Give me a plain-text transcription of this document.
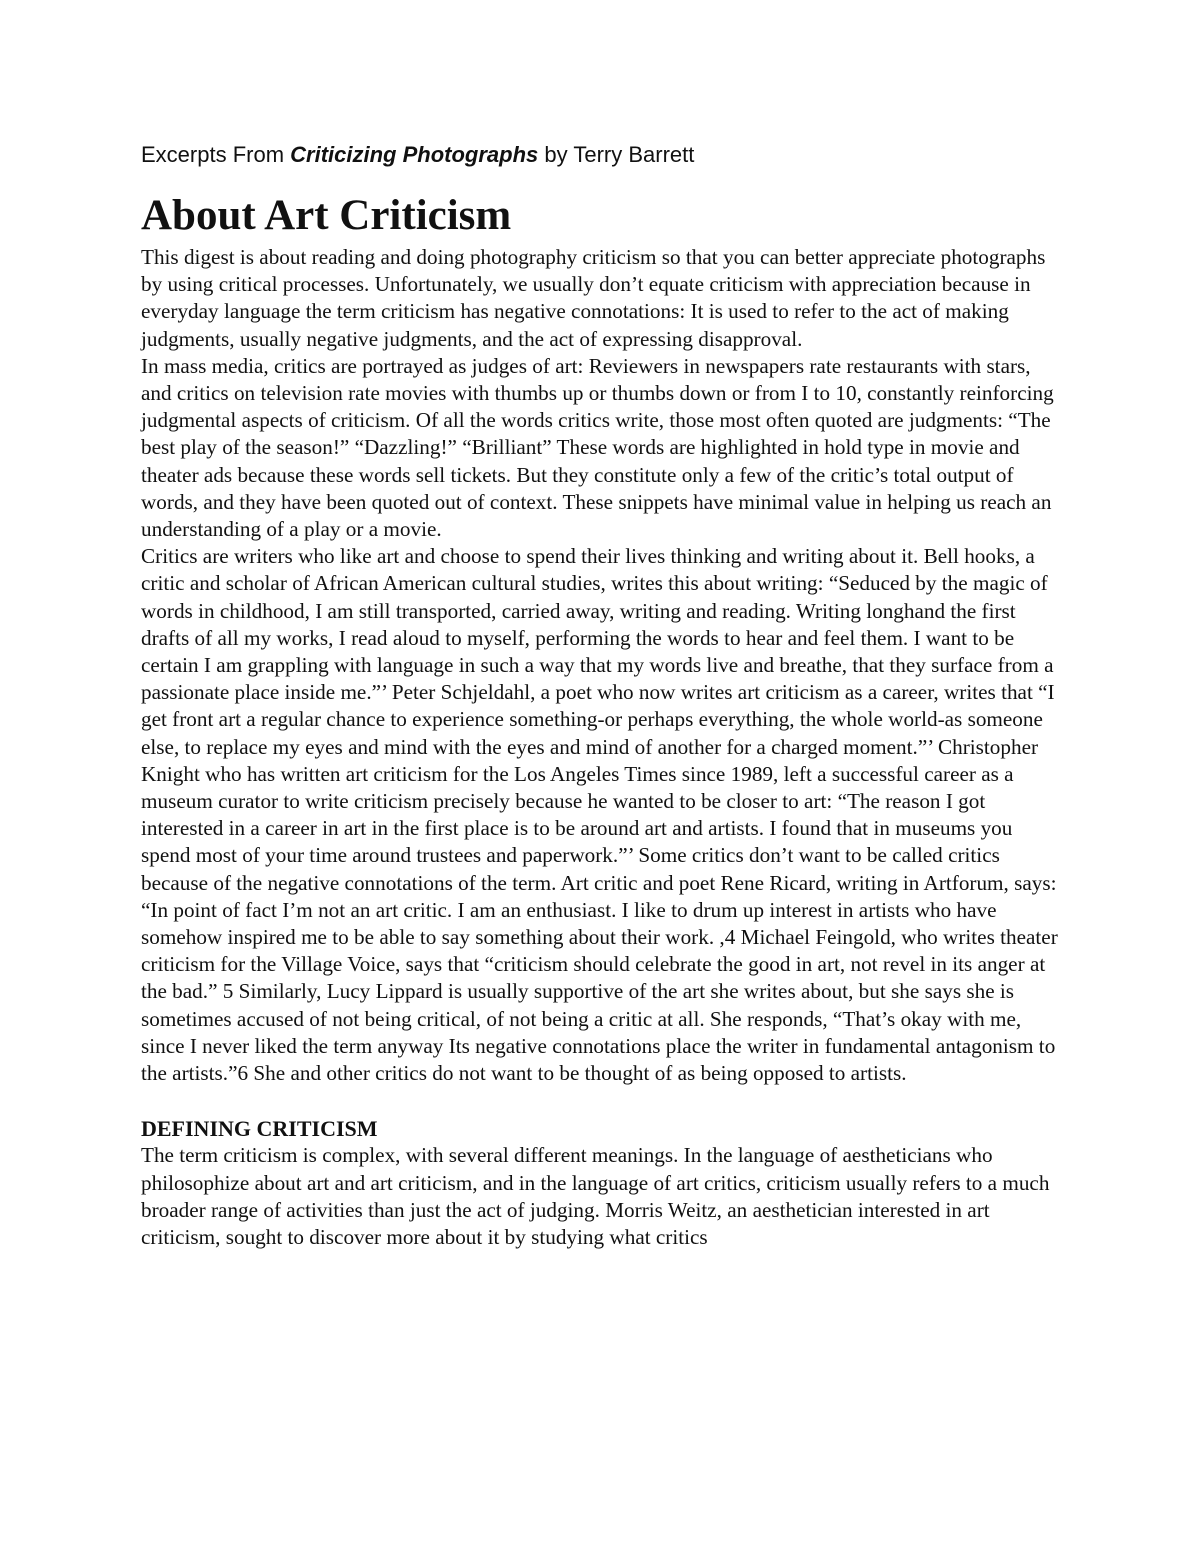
Excerpts From Criticizing Photographs by Terry Barrett

About Art Criticism

This digest is about reading and doing photography criticism so that you can better appreciate photographs by using critical processes. Unfortunately, we usually don’t equate criticism with appreciation because in everyday language the term criticism has negative connotations: It is used to refer to the act of making judgments, usually negative judgments, and the act of expressing disapproval.

In mass media, critics are portrayed as judges of art: Reviewers in newspapers rate restaurants with stars, and critics on television rate movies with thumbs up or thumbs down or from I to 10, constantly reinforcing judgmental aspects of criticism. Of all the words critics write, those most often quoted are judgments: “The best play of the season!” “Dazzling!” “Brilliant” These words are highlighted in hold type in movie and theater ads because these words sell tickets. But they constitute only a few of the critic’s total output of words, and they have been quoted out of context. These snippets have minimal value in helping us reach an understanding of a play or a movie.

Critics are writers who like art and choose to spend their lives thinking and writing about it. Bell hooks, a critic and scholar of African American cultural studies, writes this about writing: “Seduced by the magic of words in childhood, I am still transported, carried away, writing and reading. Writing longhand the first drafts of all my works, I read aloud to myself, performing the words to hear and feel them. I want to be certain I am grappling with language in such a way that my words live and breathe, that they surface from a passionate place inside me.”’ Peter Schjeldahl, a poet who now writes art criticism as a career, writes that “I get front art a regular chance to experience something-or perhaps everything, the whole world-as someone else, to replace my eyes and mind with the eyes and mind of another for a charged moment.”’ Christopher Knight who has written art criticism for the Los Angeles Times since 1989, left a successful career as a museum curator to write criticism precisely because he wanted to be closer to art: “The reason I got interested in a career in art in the first place is to be around art and artists. I found that in museums you spend most of your time around trustees and paperwork.”’ Some critics don’t want to be called critics because of the negative connotations of the term. Art critic and poet Rene Ricard, writing in Artforum, says: “In point of fact I’m not an art critic. I am an enthusiast. I like to drum up interest in artists who have somehow inspired me to be able to say something about their work. ,4 Michael Feingold, who writes theater criticism for the Village Voice, says that “criticism should celebrate the good in art, not revel in its anger at the bad.” 5 Similarly, Lucy Lippard is usually supportive of the art she writes about, but she says she is sometimes accused of not being critical, of not being a critic at all. She responds, “That’s okay with me, since I never liked the term anyway Its negative connotations place the writer in fundamental antagonism to the artists.”6 She and other critics do not want to be thought of as being opposed to artists.

DEFINING CRITICISM

The term criticism is complex, with several different meanings. In the language of aestheticians who philosophize about art and art criticism, and in the language of art critics, criticism usually refers to a much broader range of activities than just the act of judging. Morris Weitz, an aesthetician interested in art criticism, sought to discover more about it by studying what critics
